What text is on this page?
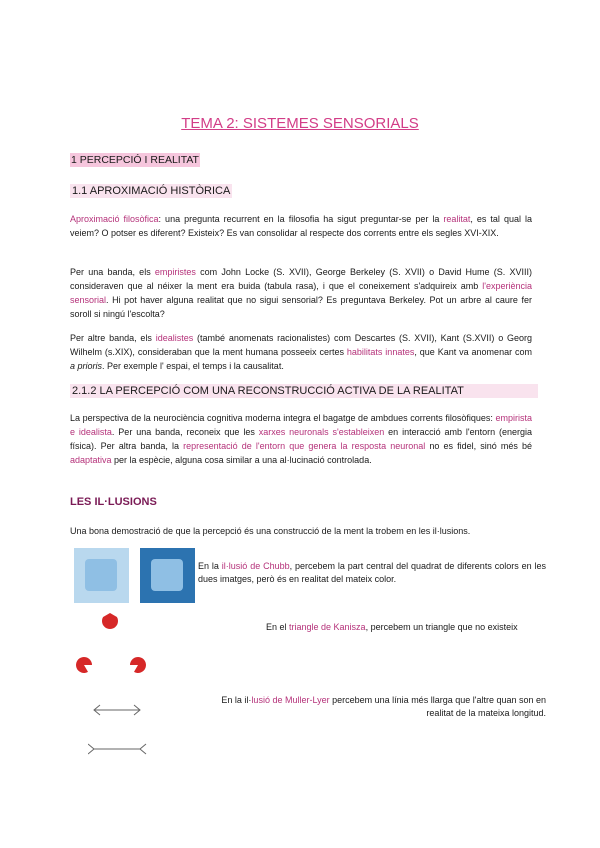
TEMA 2: SISTEMES SENSORIALS
1 PERCEPCIÓ I REALITAT
1.1 APROXIMACIÓ HISTÒRICA
Aproximació filosòfica: una pregunta recurrent en la filosofia ha sigut preguntar-se per la realitat, es tal qual la veiem? O potser es diferent? Existeix? Es van consolidar al respecte dos corrents entre els segles XVI-XIX.
Per una banda, els empiristes com John Locke (S. XVII), George Berkeley (S. XVII) o David Hume (S. XVIII) consideraven que al néixer la ment era buida (tabula rasa), i que el coneixement s'adquireix amb l'experiència sensorial. Hi pot haver alguna realitat que no sigui sensorial? Es preguntava Berkeley. Pot un arbre al caure fer soroll si ningú l'escolta?
Per altre banda, els idealistes (també anomenats racionalistes) com Descartes (S. XVII), Kant (S.XVII) o Georg Wilhelm (s.XIX), consideraban que la ment humana posseeix certes habilitats innates, que Kant va anomenar com a prioris. Per exemple l' espai, el temps i la causalitat.
2.1.2 LA PERCEPCIÓ COM UNA RECONSTRUCCIÓ ACTIVA DE LA REALITAT
La perspectiva de la neurociència cognitiva moderna integra el bagatge de ambdues corrents filosòfiques: empirista e idealista. Per una banda, reconeix que les xarxes neuronals s'estableixen en interacció amb l'entorn (energia física). Per altra banda, la representació de l'entorn que genera la resposta neuronal no es fidel, sinó més bé adaptativa per la espècie, alguna cosa similar a una al·lucinació controlada.
LES IL·LUSIONS
Una bona demostració de que la percepció és una construcció de la ment la trobem en les il·lusions.
En la il·lusió de Chubb, percebem la part central del quadrat de diferents colors en les dues imatges, però és en realitat del mateix color.
En el triangle de Kanisza, percebem un triangle que no existeix
En la il·lusió de Muller-Lyer percebem una línia més llarga que l'altre quan son en realitat de la mateixa longitud.
